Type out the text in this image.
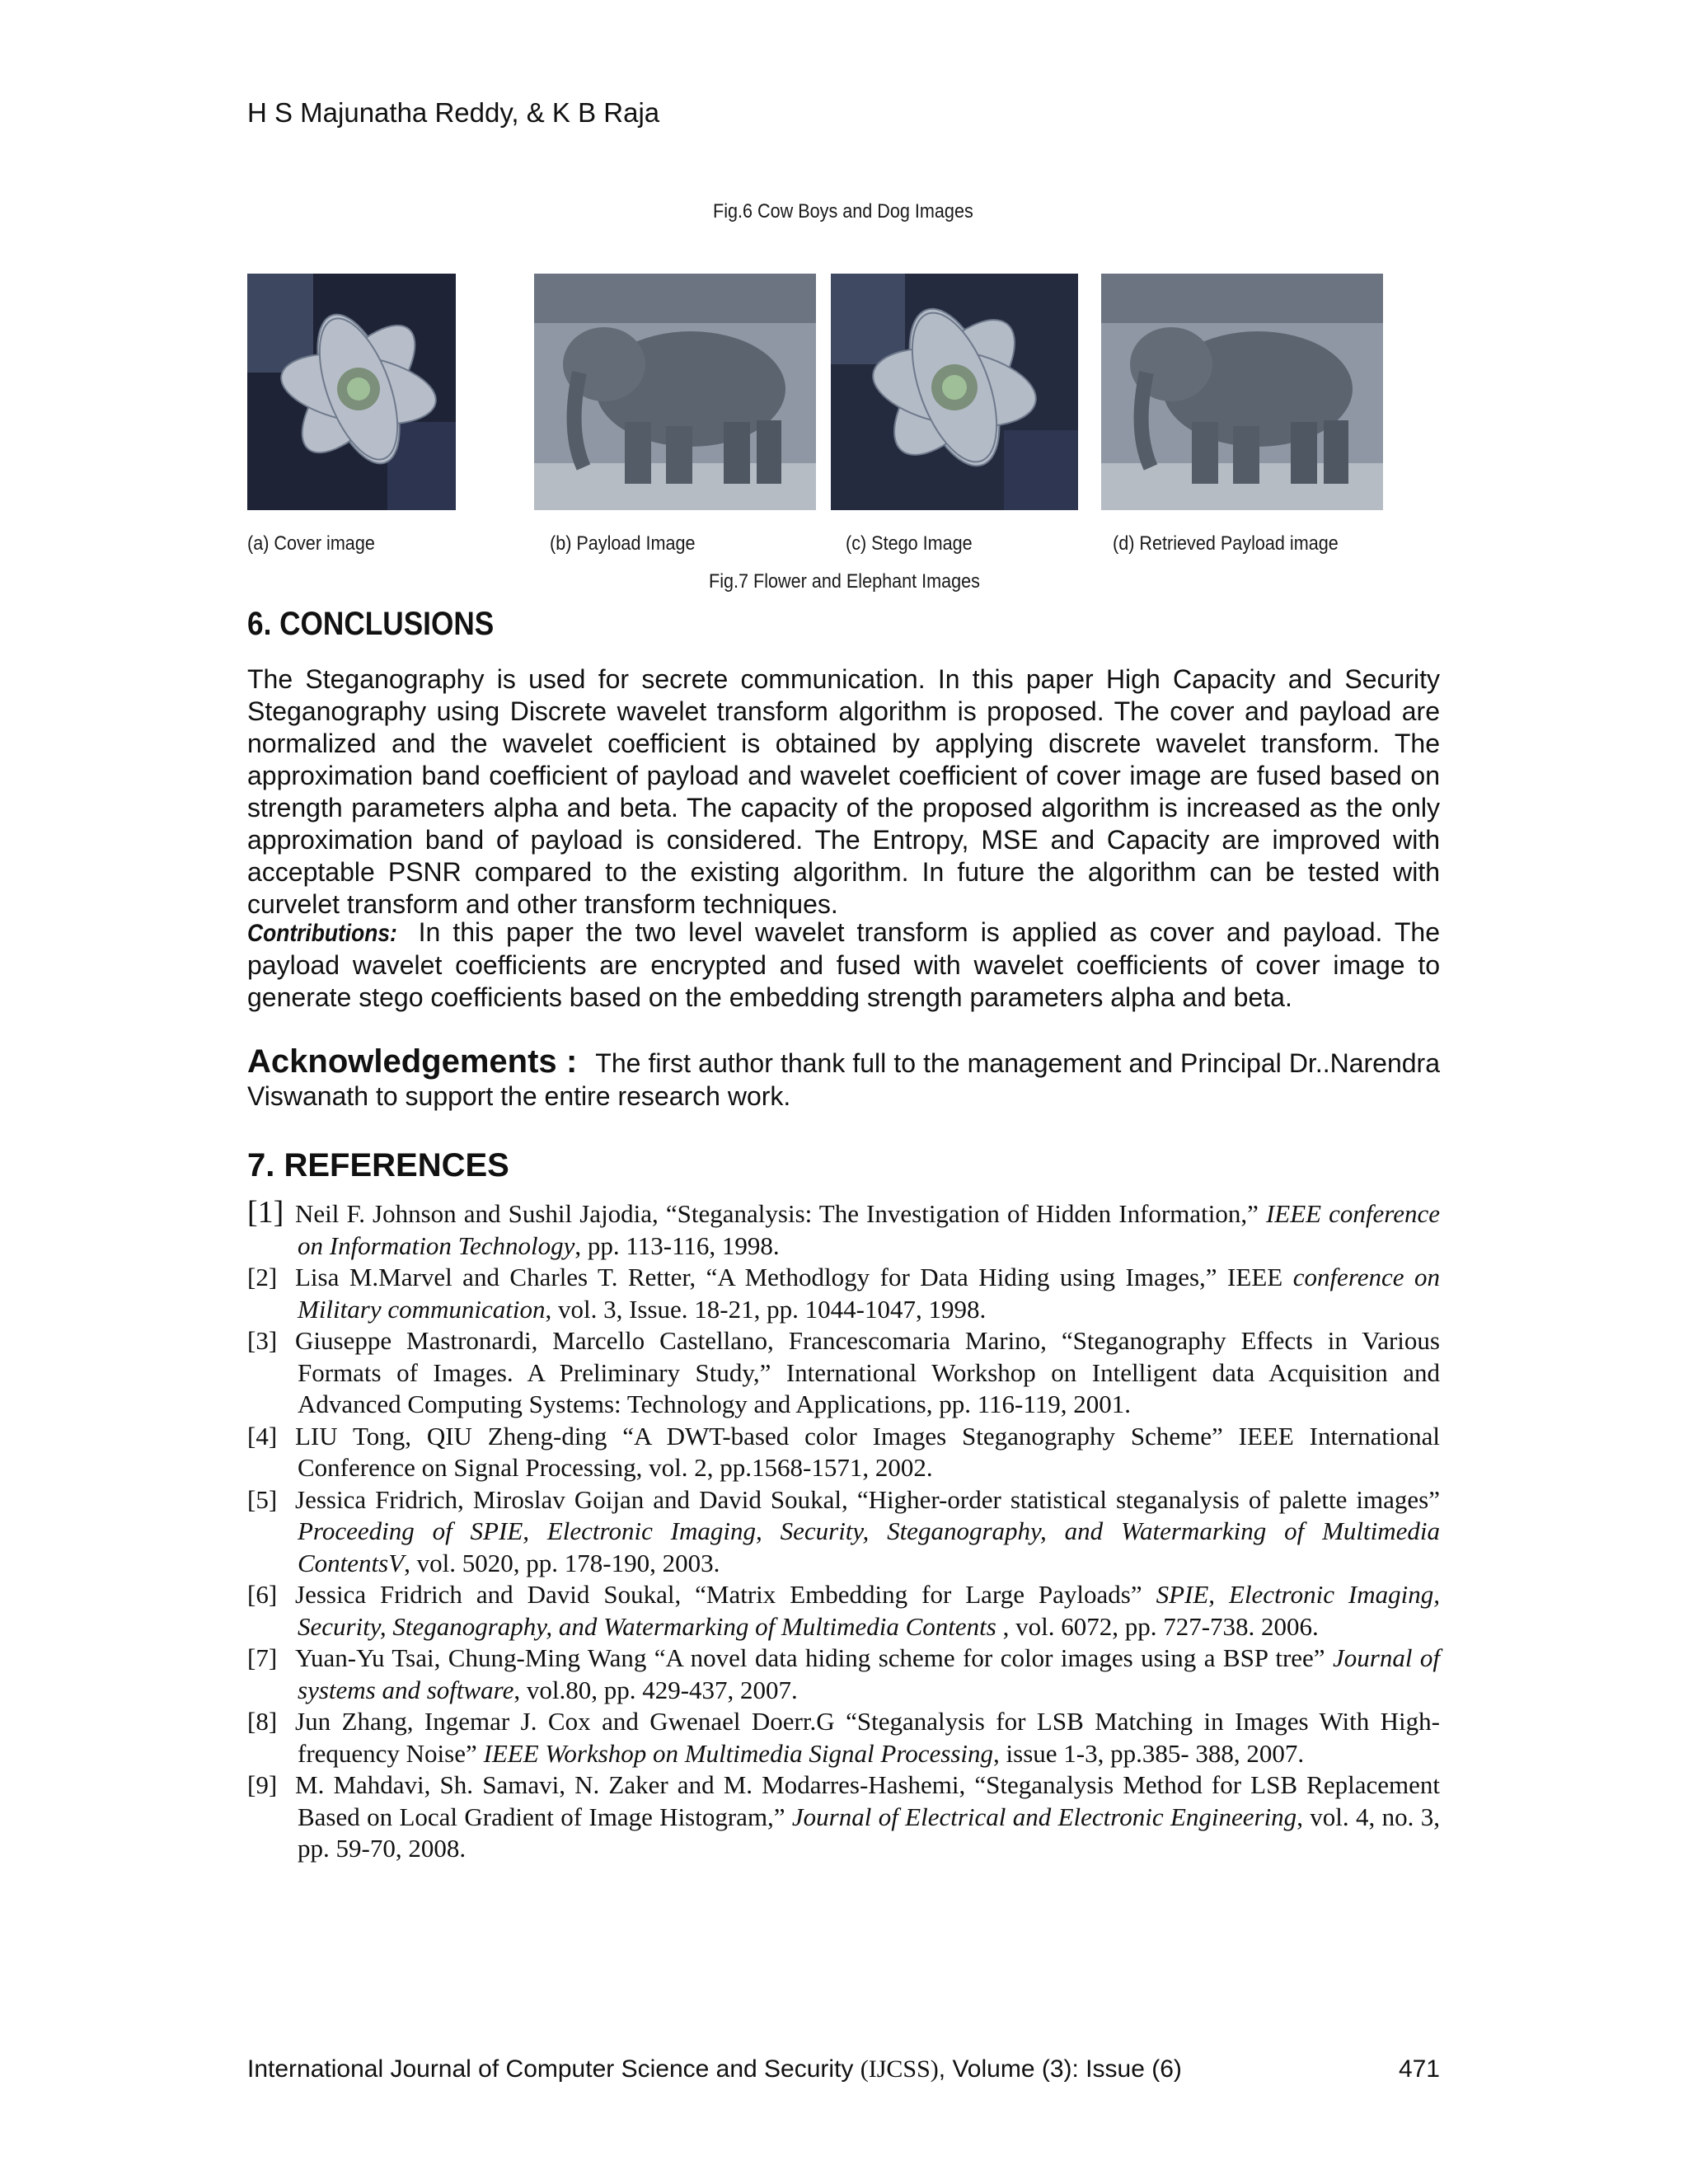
H S Majunatha Reddy, & K B Raja
Fig.6 Cow Boys and Dog Images
(a) Cover image	(b) Payload Image	(c) Stego Image	(d) Retrieved Payload image
Fig.7 Flower and Elephant Images
6. CONCLUSIONS
The Steganography is used for secrete communication. In this paper High Capacity and Security Steganography using Discrete wavelet transform algorithm is proposed. The cover and payload are normalized and the wavelet coefficient is obtained by applying discrete wavelet transform. The approximation band coefficient of payload and wavelet coefficient of cover image are fused based on strength parameters alpha and beta. The capacity of the proposed algorithm is increased as the only approximation band of payload is considered. The Entropy, MSE and Capacity are improved with acceptable PSNR compared to the existing algorithm. In future the algorithm can be tested with curvelet transform and other transform techniques.
Contributions: In this paper the two level wavelet transform is applied as cover and payload. The payload wavelet coefficients are encrypted and fused with wavelet coefficients of cover image to generate stego coefficients based on the embedding strength parameters alpha and beta.
Acknowledgements : The first author thank full to the management and Principal Dr..Narendra Viswanath to support the entire research work.
7. REFERENCES

[1] Neil F. Johnson and Sushil Jajodia, “Steganalysis: The Investigation of Hidden Information,” IEEE conference on Information Technology, pp. 113-116, 1998.

[2] Lisa M.Marvel and Charles T. Retter, “A Methodlogy for Data Hiding using Images,” IEEE conference on Military communication, vol. 3, Issue. 18-21, pp. 1044-1047, 1998.

[3] Giuseppe Mastronardi, Marcello Castellano, Francescomaria Marino, “Steganography Effects in Various Formats of Images. A Preliminary Study,” International Workshop on Intelligent data Acquisition and Advanced Computing Systems: Technology and Applications, pp. 116-119, 2001.

[4] LIU Tong, QIU Zheng-ding “A DWT-based color Images Steganography Scheme” IEEE International Conference on Signal Processing, vol. 2, pp.1568-1571, 2002.

[5] Jessica Fridrich, Miroslav Goijan and David Soukal, “Higher-order statistical steganalysis of palette images” Proceeding of SPIE, Electronic Imaging, Security, Steganography, and Watermarking of Multimedia ContentsV, vol. 5020, pp. 178-190, 2003.

[6] Jessica Fridrich and David Soukal, “Matrix Embedding for Large Payloads” SPIE, Electronic Imaging, Security, Steganography, and Watermarking of Multimedia Contents , vol. 6072, pp. 727-738. 2006.

[7] Yuan-Yu Tsai, Chung-Ming Wang “A novel data hiding scheme for color images using a BSP tree” Journal of systems and software, vol.80, pp. 429-437, 2007.

[8] Jun Zhang, Ingemar J. Cox and Gwenael Doerr.G “Steganalysis for LSB Matching in Images With High-frequency Noise” IEEE Workshop on Multimedia Signal Processing, issue 1-3, pp.385- 388, 2007.

[9] M. Mahdavi, Sh. Samavi, N. Zaker and M. Modarres-Hashemi, “Steganalysis Method for LSB Replacement Based on Local Gradient of Image Histogram,” Journal of Electrical and Electronic Engineering, vol. 4, no. 3, pp. 59-70, 2008.

International Journal of Computer Science and Security (IJCSS), Volume (3): Issue (6)	471
